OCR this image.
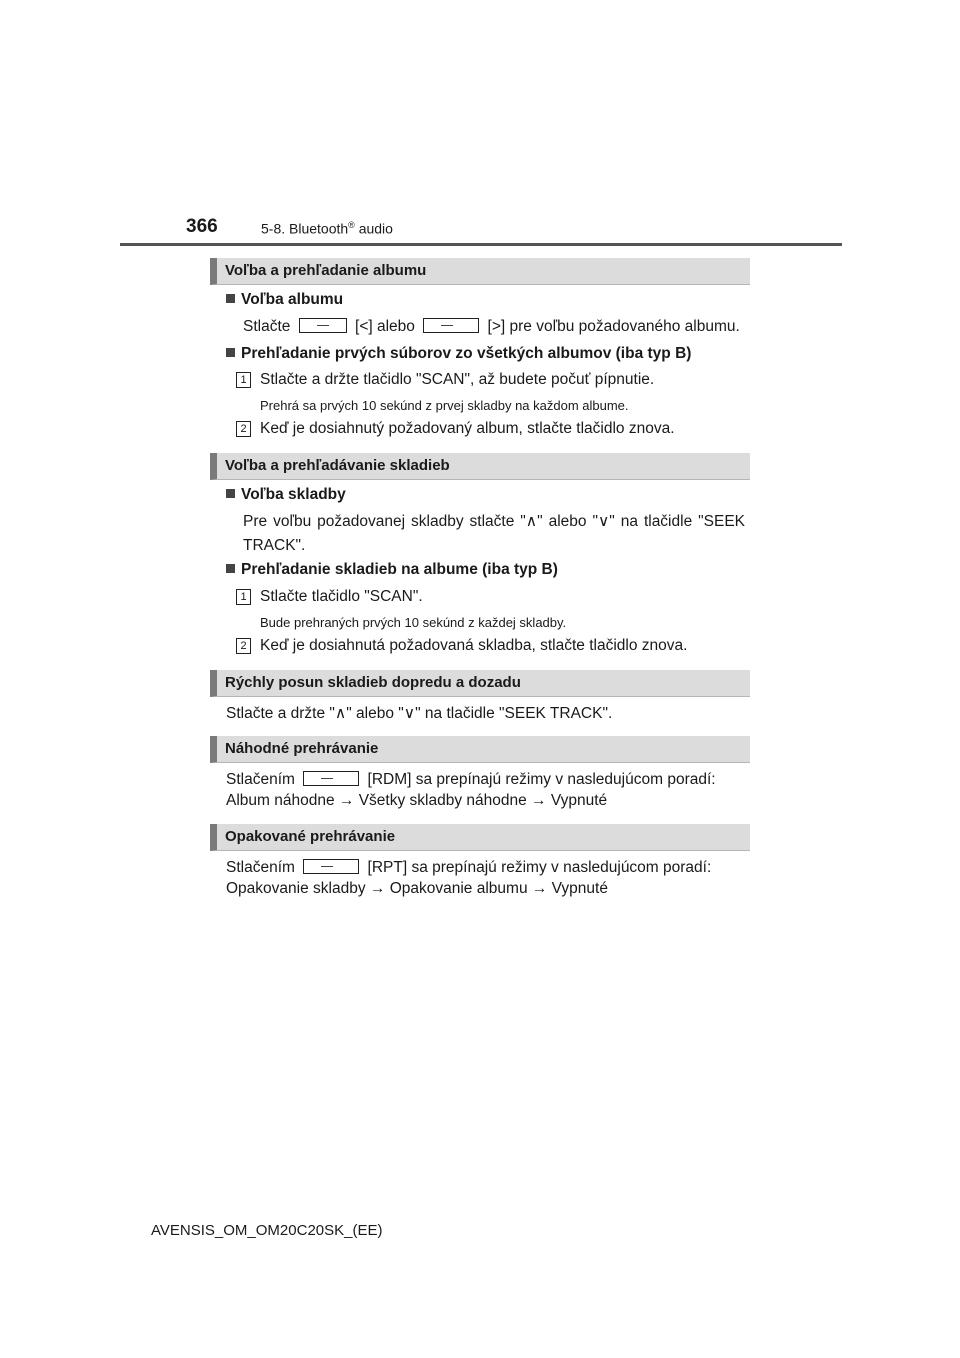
366	5-8. Bluetooth® audio
Voľba a prehľadanie albumu
Voľba albumu
Stlačte	[<] alebo	[>] pre voľbu požadovaného albumu.
Prehľadanie prvých súborov zo všetkých albumov (iba typ B)
1 Stlačte a držte tlačidlo "SCAN", až budete počuť pípnutie.
Prehrá sa prvých 10 sekúnd z prvej skladby na každom albume.
2 Keď je dosiahnutý požadovaný album, stlačte tlačidlo znova.
Voľba a prehľadávanie skladieb
Voľba skladby
Pre voľbu požadovanej skladby stlačte "∧" alebo "∨" na tlačidle "SEEK TRACK".
Prehľadanie skladieb na albume (iba typ B)
1 Stlačte tlačidlo "SCAN".
Bude prehraných prvých 10 sekúnd z každej skladby.
2 Keď je dosiahnutá požadovaná skladba, stlačte tlačidlo znova.
Rýchly posun skladieb dopredu a dozadu
Stlačte a držte "∧" alebo "∨" na tlačidle "SEEK TRACK".
Náhodné prehrávanie
Stlačením	[RDM] sa prepínajú režimy v nasledujúcom poradí:
Album náhodne → Všetky skladby náhodne → Vypnuté
Opakované prehrávanie
Stlačením	[RPT] sa prepínajú režimy v nasledujúcom poradí:
Opakovanie skladby → Opakovanie albumu → Vypnuté
AVENSIS_OM_OM20C20SK_(EE)
